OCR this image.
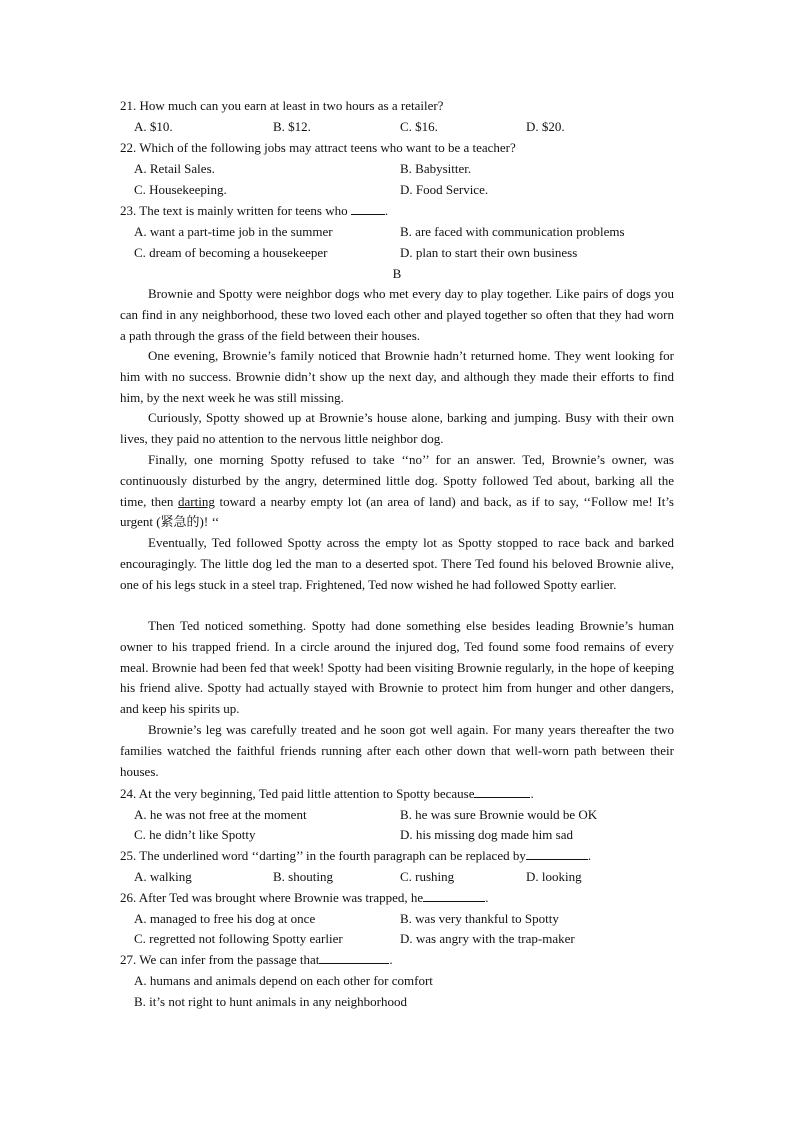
21. How much can you earn at least in two hours as a retailer?
A. $10.	B. $12.	C. $16.	D. $20.
22. Which of the following jobs may attract teens who want to be a teacher?
A. Retail Sales.	B. Babysitter.
C. Housekeeping.	D. Food Service.
23. The text is mainly written for teens who	.
A. want a part-time job in the summer	B. are faced with communication problems
C. dream of becoming a housekeeper	D. plan to start their own business
B
Brownie and Spotty were neighbor dogs who met every day to play together. Like pairs of dogs you can find in any neighborhood, these two loved each other and played together so often that they had worn a path through the grass of the field between their houses.
One evening, Brownie’s family noticed that Brownie hadn’t returned home. They went looking for him with no success. Brownie didn’t show up the next day, and although they made their efforts to find him, by the next week he was still missing.
Curiously, Spotty showed up at Brownie’s house alone, barking and jumping. Busy with their own lives, they paid no attention to the nervous little neighbor dog.
Finally, one morning Spotty refused to take ‘‘no’’ for an answer. Ted, Brownie’s owner, was continuously disturbed by the angry, determined little dog. Spotty followed Ted about, barking all the time, then darting toward a nearby empty lot (an area of land) and back, as if to say, ‘‘Follow me! It’s urgent (紧急的)! ‘‘
Eventually, Ted followed Spotty across the empty lot as Spotty stopped to race back and barked encouragingly. The little dog led the man to a deserted spot. There Ted found his beloved Brownie alive, one of his legs stuck in a steel trap. Frightened, Ted now wished he had followed Spotty earlier.
Then Ted noticed something. Spotty had done something else besides leading Brownie’s human owner to his trapped friend. In a circle around the injured dog, Ted found some food remains of every meal. Brownie had been fed that week! Spotty had been visiting Brownie regularly, in the hope of keeping his friend alive. Spotty had actually stayed with Brownie to protect him from hunger and other dangers, and keep his spirits up.
Brownie’s leg was carefully treated and he soon got well again. For many years thereafter the two families watched the faithful friends running after each other down that well-worn path between their houses.
24. At the very beginning, Ted paid little attention to Spotty because	.
A. he was not free at the moment	B. he was sure Brownie would be OK
C. he didn’t like Spotty	D. his missing dog made him sad
25. The underlined word ‘‘darting’’ in the fourth paragraph can be replaced by	.
A. walking	B. shouting	C. rushing	D. looking
26. After Ted was brought where Brownie was trapped, he	.
A. managed to free his dog at once	B. was very thankful to Spotty
C. regretted not following Spotty earlier	D. was angry with the trap-maker
27. We can infer from the passage that	.
A. humans and animals depend on each other for comfort
B. it’s not right to hunt animals in any neighborhood
